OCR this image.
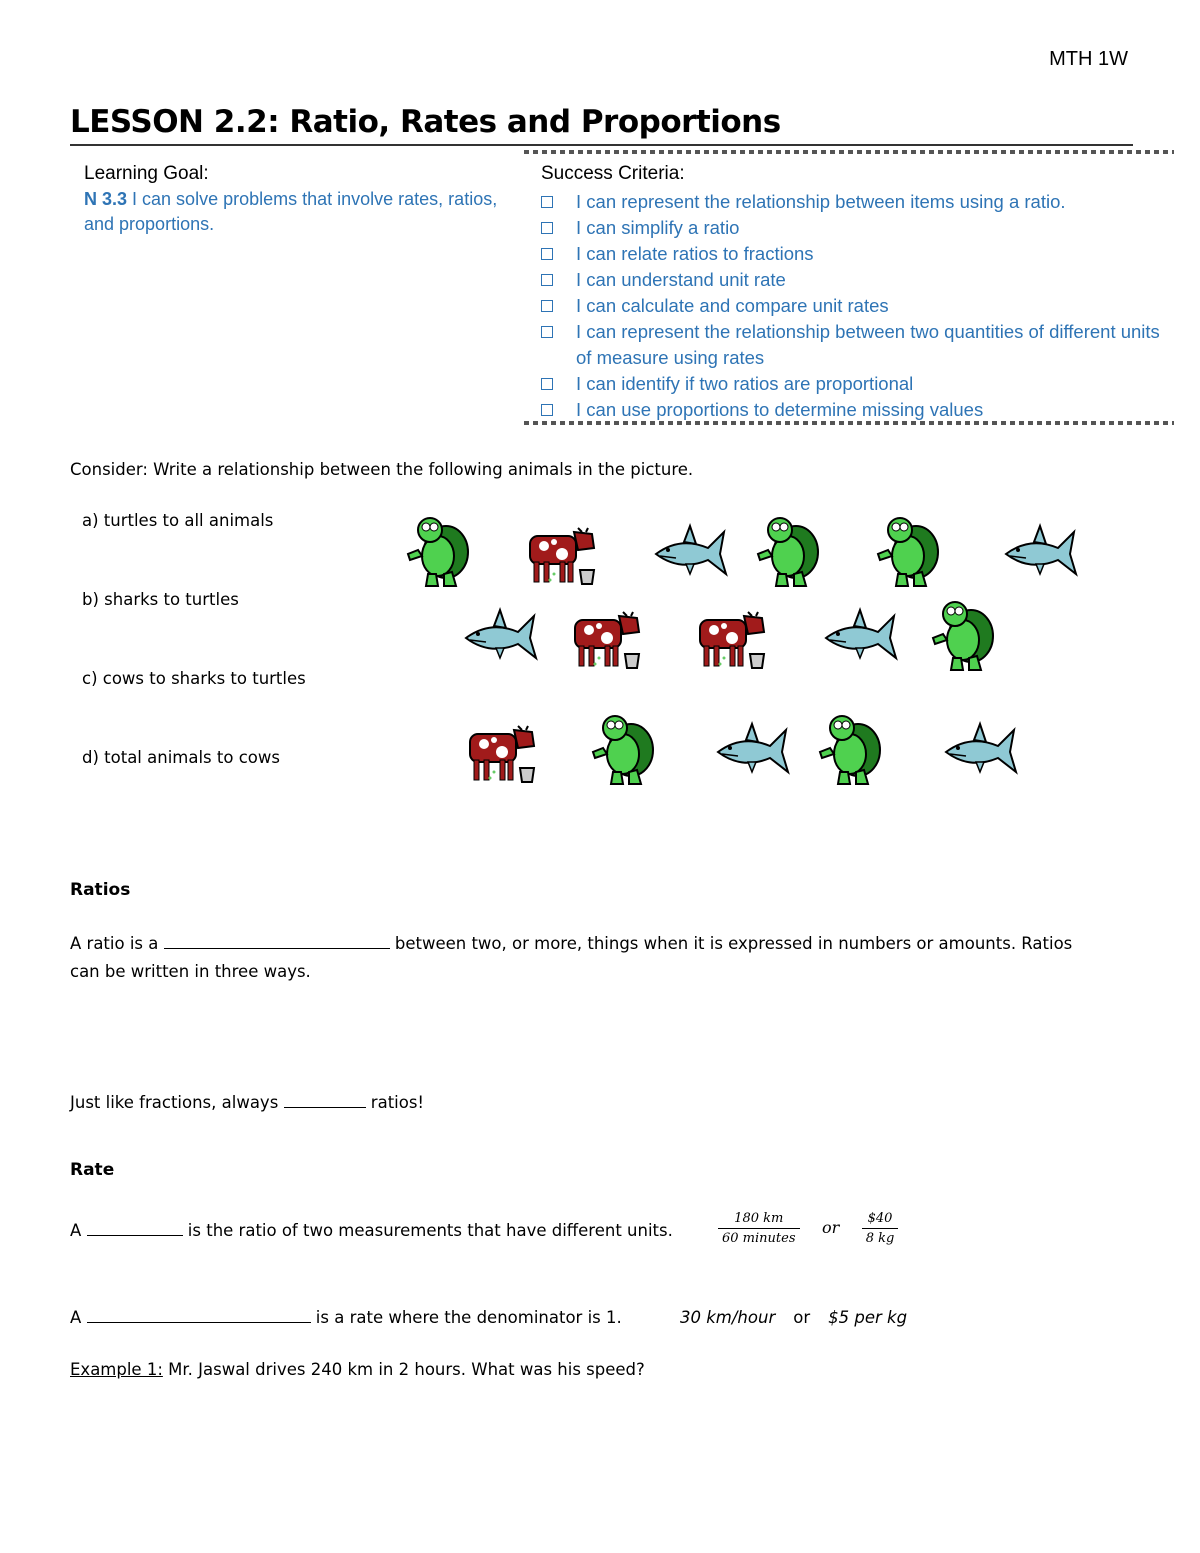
MTH 1W
LESSON 2.2: Ratio, Rates and Proportions
Learning Goal:
N 3.3 I can solve problems that involve rates, ratios, and proportions.
Success Criteria:
I can represent the relationship between items using a ratio.
I can simplify a ratio
I can relate ratios to fractions
I can understand unit rate
I can calculate and compare unit rates
I can represent the relationship between two quantities of different units of measure using rates
I can identify if two ratios are proportional
I can use proportions to determine missing values
Consider: Write a relationship between the following animals in the picture.
a) turtles to all animals
b) sharks to turtles
c) cows to sharks to turtles
d) total animals to cows
Ratios
A ratio is a	between two, or more, things when it is expressed in numbers or amounts. Ratios
can be written in three ways.
Just like fractions, always	ratios!
Rate
A	is the ratio of two measurements that have different units.	$\frac{180 km}{\text{60 minutes}}$ or $\frac{\$40}{8 kg}$
A	is a rate where the denominator is 1.	30 km/hour or $5 per kg
Example 1: Mr. Jaswal drives 240 km in 2 hours. What was his speed?
